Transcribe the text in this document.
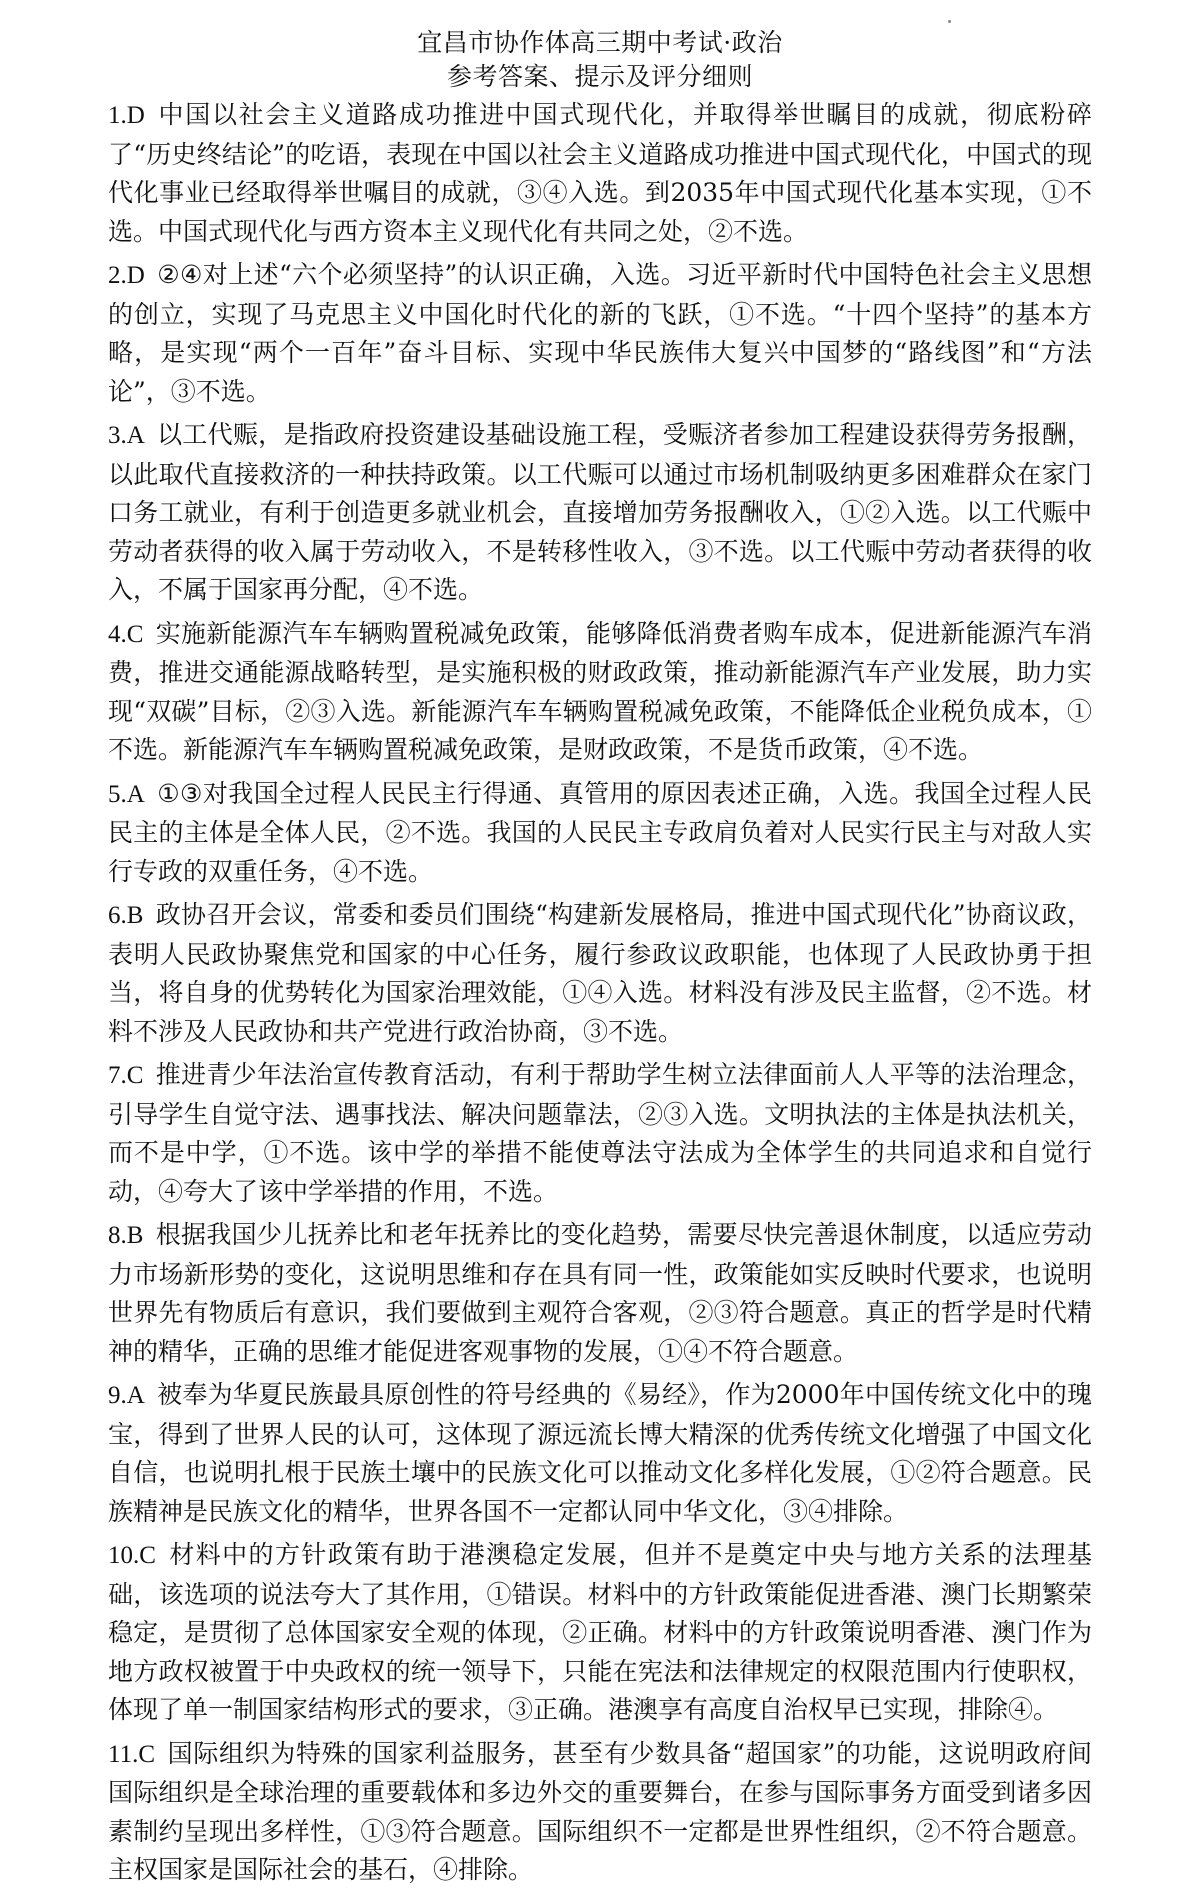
宜昌市协作体高三期中考试·政治
参考答案、提示及评分细则

1.D 中国以社会主义道路成功推进中国式现代化，并取得举世瞩目的成就，彻底粉碎了“历史终结论”的吃语，表现在中国以社会主义道路成功推进中国式现代化，中国式的现代化事业已经取得举世嘱目的成就，③④入选。到2035年中国式现代化基本实现，①不选。中国式现代化与西方资本主义现代化有共同之处，②不选。

2.D ②④对上述“六个必须坚持”的认识正确，入选。习近平新时代中国特色社会主义思想的创立，实现了马克思主义中国化时代化的新的飞跃，①不选。“十四个坚持”的基本方略，是实现“两个一百年”奋斗目标、实现中华民族伟大复兴中国梦的“路线图”和“方法论”，③不选。

3.A 以工代赈，是指政府投资建设基础设施工程，受赈济者参加工程建设获得劳务报酬，以此取代直接救济的一种扶持政策。以工代赈可以通过市场机制吸纳更多困难群众在家门口务工就业，有利于创造更多就业机会，直接增加劳务报酬收入，①②入选。以工代赈中劳动者获得的收入属于劳动收入，不是转移性收入，③不选。以工代赈中劳动者获得的收入，不属于国家再分配，④不选。

4.C 实施新能源汽车车辆购置税减免政策，能够降低消费者购车成本，促进新能源汽车消费，推进交通能源战略转型，是实施积极的财政政策，推动新能源汽车产业发展，助力实现“双碳”目标，②③入选。新能源汽车车辆购置税减免政策，不能降低企业税负成本，①不选。新能源汽车车辆购置税减免政策，是财政政策，不是货币政策，④不选。

5.A ①③对我国全过程人民民主行得通、真管用的原因表述正确，入选。我国全过程人民民主的主体是全体人民，②不选。我国的人民民主专政肩负着对人民实行民主与对敌人实行专政的双重任务，④不选。

6.B 政协召开会议，常委和委员们围绕“构建新发展格局，推进中国式现代化”协商议政，表明人民政协聚焦党和国家的中心任务，履行参政议政职能，也体现了人民政协勇于担当，将自身的优势转化为国家治理效能，①④入选。材料没有涉及民主监督，②不选。材料不涉及人民政协和共产党进行政治协商，③不选。

7.C 推进青少年法治宣传教育活动，有利于帮助学生树立法律面前人人平等的法治理念，引导学生自觉守法、遇事找法、解决问题靠法，②③入选。文明执法的主体是执法机关，而不是中学，①不选。该中学的举措不能使尊法守法成为全体学生的共同追求和自觉行动，④夸大了该中学举措的作用，不选。

8.B 根据我国少儿抚养比和老年抚养比的变化趋势，需要尽快完善退休制度，以适应劳动力市场新形势的变化，这说明思维和存在具有同一性，政策能如实反映时代要求，也说明世界先有物质后有意识，我们要做到主观符合客观，②③符合题意。真正的哲学是时代精神的精华，正确的思维才能促进客观事物的发展，①④不符合题意。

9.A 被奉为华夏民族最具原创性的符号经典的《易经》，作为2000年中国传统文化中的瑰宝，得到了世界人民的认可，这体现了源远流长博大精深的优秀传统文化增强了中国文化自信，也说明扎根于民族土壤中的民族文化可以推动文化多样化发展，①②符合题意。民族精神是民族文化的精华，世界各国不一定都认同中华文化，③④排除。

10.C 材料中的方针政策有助于港澳稳定发展，但并不是奠定中央与地方关系的法理基础，该选项的说法夸大了其作用，①错误。材料中的方针政策能促进香港、澳门长期繁荣稳定，是贯彻了总体国家安全观的体现，②正确。材料中的方针政策说明香港、澳门作为地方政权被置于中央政权的统一领导下，只能在宪法和法律规定的权限范围内行使职权，体现了单一制国家结构形式的要求，③正确。港澳享有高度自治权早已实现，排除④。

11.C 国际组织为特殊的国家利益服务，甚至有少数具备“超国家”的功能，这说明政府间国际组织是全球治理的重要载体和多边外交的重要舞台，在参与国际事务方面受到诸多因素制约呈现出多样性，①③符合题意。国际组织不一定都是世界性组织，②不符合题意。主权国家是国际社会的基石，④排除。
